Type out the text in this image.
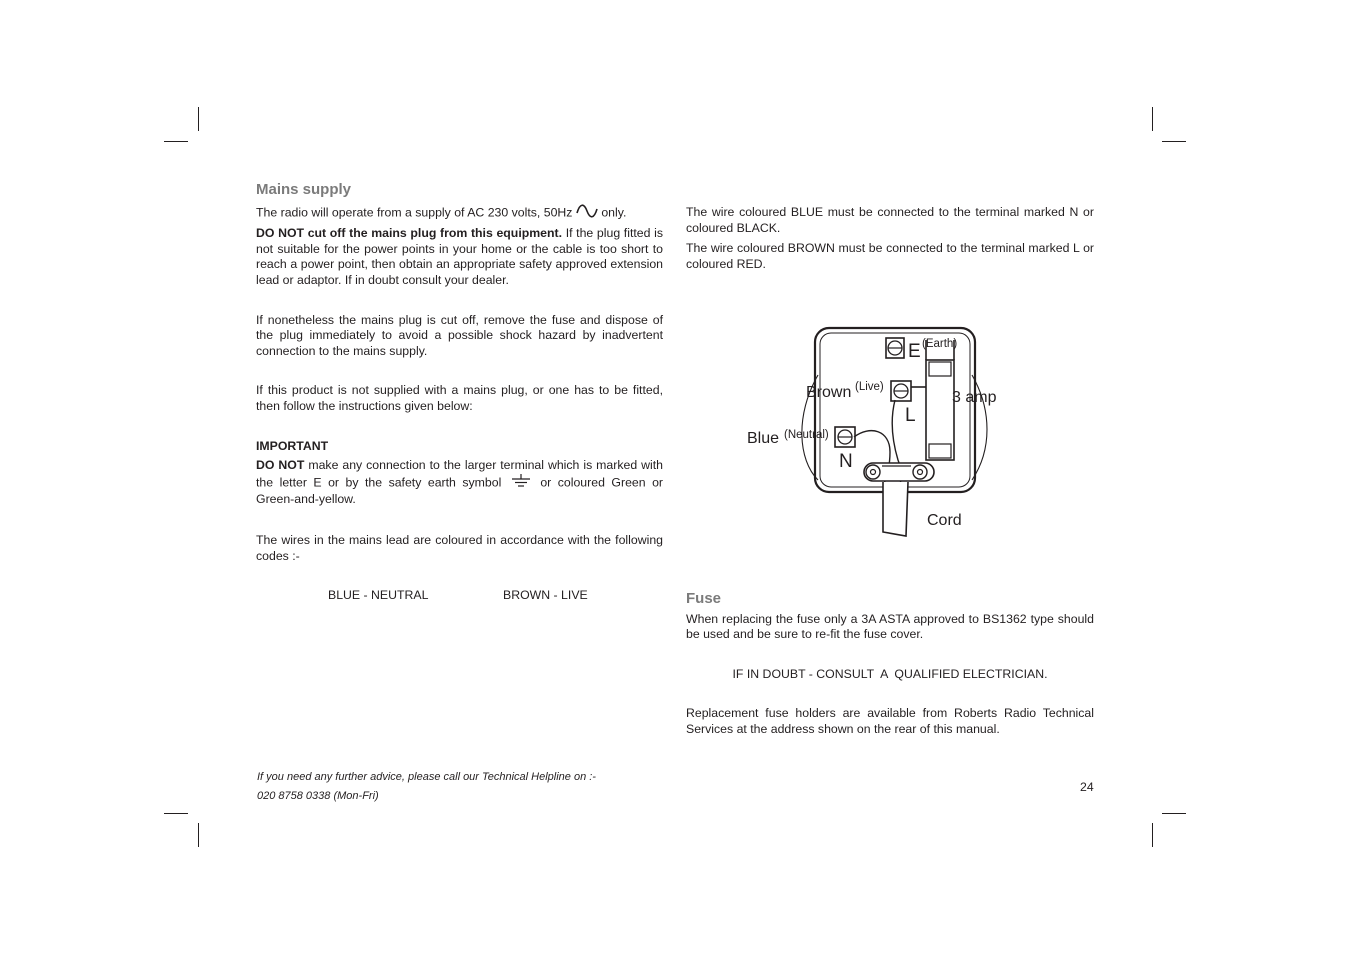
Mains supply

The radio will operate from a supply of AC 230 volts, 50Hz only.

DO NOT cut off the mains plug from this equipment. If the plug fitted is not suitable for the power points in your home or the cable is too short to reach a power point, then obtain an appropriate safety approved extension lead or adaptor. If in doubt consult your dealer.

If nonetheless the mains plug is cut off, remove the fuse and dispose of the plug immediately to avoid a possible shock hazard by inadvertent connection to the mains supply.

If this product is not supplied with a mains plug, or one has to be fitted, then follow the instructions given below:

IMPORTANT

DO NOT make any connection to the larger terminal which is marked with the letter E or by the safety earth symbol	or coloured Green or Green-and-yellow.

The wires in the mains lead are coloured in accordance with the following codes :-

BLUE - NEUTRAL	BROWN - LIVE

The wire coloured BLUE must be connected to the terminal marked N or coloured BLACK.

The wire coloured BROWN must be connected to the terminal marked L or coloured RED.

E (Earth)
Brown (Live)
L
3 amp
Blue (Neutral)
N
Cord

Fuse

When replacing the fuse only a 3A ASTA approved to BS1362 type should be used and be sure to re-fit the fuse cover.

IF IN DOUBT - CONSULT  A  QUALIFIED ELECTRICIAN.

Replacement fuse holders are available from Roberts Radio Technical Services at the address shown on the rear of this manual.

If you need any further advice, please call our Technical Helpline on :-
020 8758 0338 (Mon-Fri)
24
